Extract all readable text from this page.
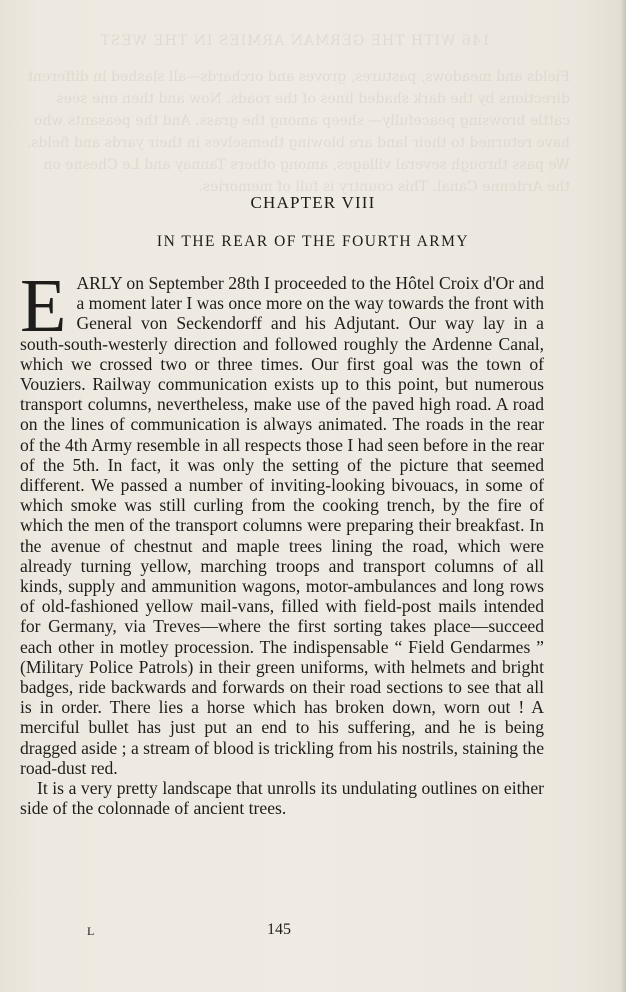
146 WITH THE GERMAN ARMIES IN THE WEST
Fields and meadows, pastures, groves and orchards—all slashed in different directions by the dark shaded lines of the roads. Now and then one sees cattle browsing peacefully— sheep among the grass. And the peasants who have returned to their land are blowing themselves in their yards and fields. We pass through several villages, among others Tannay and Le Chesne on the Ardenne Canal. This country is full of memories.
CHAPTER VIII
IN THE REAR OF THE FOURTH ARMY

EARLY on September 28th I proceeded to the Hôtel Croix d'Or and a moment later I was once more on the way towards the front with General von Seckendorff and his Adjutant. Our way lay in a south-south-westerly direction and followed roughly the Ardenne Canal, which we crossed two or three times. Our first goal was the town of Vouziers. Railway communication exists up to this point, but numerous transport columns, nevertheless, make use of the paved high road. A road on the lines of communication is always animated. The roads in the rear of the 4th Army resemble in all respects those I had seen before in the rear of the 5th. In fact, it was only the setting of the picture that seemed different. We passed a number of inviting-looking bivouacs, in some of which smoke was still curling from the cooking trench, by the fire of which the men of the transport columns were preparing their breakfast. In the avenue of chestnut and maple trees lining the road, which were already turning yellow, marching troops and transport columns of all kinds, supply and ammunition wagons, motor-ambulances and long rows of old-fashioned yellow mail-vans, filled with field-post mails intended for Germany, via Treves—where the first sorting takes place—succeed each other in motley procession. The indispensable “ Field Gendarmes ” (Military Police Patrols) in their green uniforms, with helmets and bright badges, ride backwards and forwards on their road sections to see that all is in order. There lies a horse which has broken down, worn out ! A merciful bullet has just put an end to his suffering, and he is being dragged aside ; a stream of blood is trickling from his nostrils, staining the road-dust red.

It is a very pretty landscape that unrolls its undulating outlines on either side of the colonnade of ancient trees.

L	145
